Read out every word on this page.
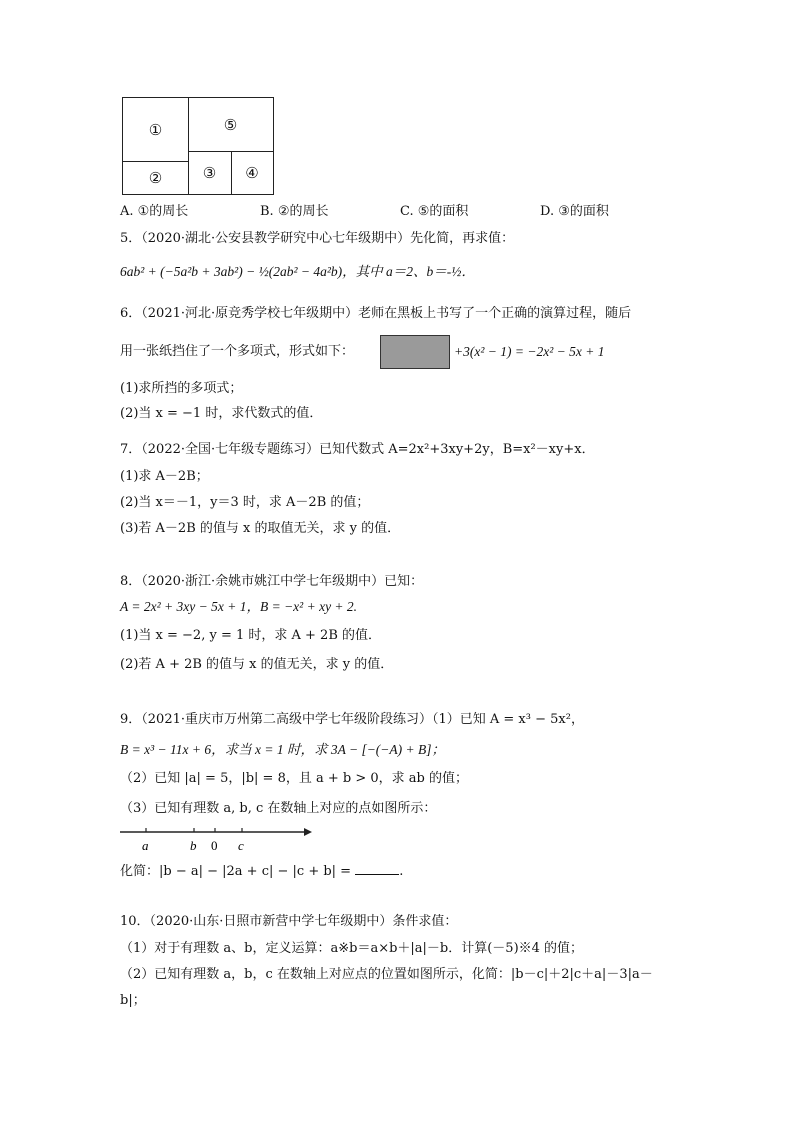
①	⑤
②	③ ④
A. ①的周长	B. ②的周长	C. ⑤的面积	D. ③的面积
5．（2020·湖北·公安县教学研究中心七年级期中）先化简，再求值：
6ab² + (−5a²b + 3ab²) − ½(2ab² − 4a²b)，其中 a＝2、b＝-½．
6．（2021·河北·原竞秀学校七年级期中）老师在黑板上书写了一个正确的演算过程，随后
用一张纸挡住了一个多项式，形式如下：	+3(x² − 1) = −2x² − 5x + 1
(1)求所挡的多项式；
(2)当 x = −1 时，求代数式的值．
7．（2022·全国·七年级专题练习）已知代数式 A=2x²+3xy+2y，B=x²－xy+x．
(1)求 A－2B；
(2)当 x＝－1，y＝3 时，求 A－2B 的值；
(3)若 A－2B 的值与 x 的取值无关，求 y 的值．
8．（2020·浙江·余姚市姚江中学七年级期中）已知：
A = 2x² + 3xy − 5x + 1，B = −x² + xy + 2.
(1)当 x = −2, y = 1 时，求 A + 2B 的值．
(2)若 A + 2B 的值与 x 的值无关，求 y 的值．
9．（2021·重庆市万州第二高级中学七年级阶段练习）（1）已知 A = x³ − 5x²，
B = x³ − 11x + 6，求当 x = 1 时，求 3A − [−(−A) + B]；
（2）已知 |a| = 5，|b| = 8，且 a + b > 0，求 ab 的值；
（3）已知有理数 a, b, c 在数轴上对应的点如图所示：
a	b 0 c
化简：|b − a| − |2a + c| − |c + b| =	.
10．（2020·山东·日照市新营中学七年级期中）条件求值：
（1）对于有理数 a、b，定义运算：a※b＝a×b＋|a|－b．计算(－5)※4 的值；
（2）已知有理数 a，b，c 在数轴上对应点的位置如图所示，化简：|b－c|＋2|c＋a|－3|a－
b|；
